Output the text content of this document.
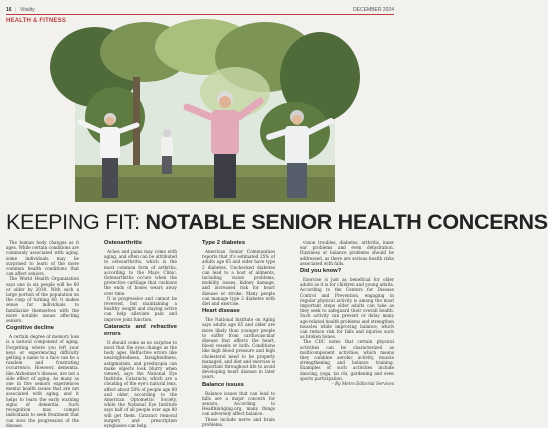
16 | Vitality	DECEMBER 2024
HEALTH & FITNESS
KEEPING FIT: NOTABLE SENIOR HEALTH CONCERNS

The human body changes as it ages. While certain conditions are commonly associated with aging, some individuals may be surprised to learn of the more common health conditions that can affect seniors.

The World Health Organization says one in six people will be 60 or older by 2030. With such a large portion of the population on the cusp of turning 60, it makes sense for individuals to familiarize themselves with the more notable issues affecting seniors.

Cognitive decline

A certain degree of memory loss is a natural component of aging. Forgetting where you left your keys or experiencing difficulty getting a name to a face can be a random and frustrating occurrence. However, dementia, like Alzheimer's disease, are not a side effect of aging. As many as one in five seniors experiences mental health issues that are not associated with aging, and it helps to learn the early warning signs of dementia. Such recognition may compel individuals to seek treatment that can slow the progression of the disease.

Osteoarthritis

Aches and pains may come with aging, and often can be attributed to osteoarthritis, which is the most common form of arthritis, according to the Mayo Clinic. Osteoarthritis occurs when the protective cartilage that cushions the ends of bones wears away over time.

It is progressive and cannot be reversed, but maintaining a healthy weight and staying active can help alleviate pain and improve joint function.

Cataracts and refractive errors

It should come as no surprise to most that the eyes change as the body ages. Refractive errors like nearsightedness, farsightedness, astigmatism, and presbyopia can make objects look blurry when viewed, says the National Eye Institute. Cataracts, which are a clouding of the eye's natural lens, affect about 50% of people age 80 and older, according to the American Optometric Society, while the National Eye Institute says half of all people over age 80 will get them. Cataract removal surgery and prescription eyeglasses can help.

Type 2 diabetes

American Senior Communities reports that it's estimated 25% of adults age 65 and older have type 2 diabetes. Unchecked diabetes can lead to a host of ailments, including vision problems, mobility issues, kidney damage, and increased risk for heart disease or stroke. Many people can manage type 2 diabetes with diet and exercise.

Heart disease

The National Institute on Aging says adults age 65 and older are more likely than younger people to suffer from cardiovascular disease that affects the heart, blood vessels or both. Conditions like high blood pressure and high cholesterol need to be properly managed, and diet and exercise is important throughout life to avoid developing heart disease in later years.

Balance issues

Balance issues that can lead to falls are a major concern for seniors. According to HealthinAging.org, many things can adversely affect balance.

These include nerve and brain problems,

vision troubles, diabetes, arthritis, inner ear problems and even dehydration. Dizziness or balance problems should be addressed, as there are serious health risks associated with falls.

Did you know?

Exercise is just as beneficial for older adults as it is for children and young adults. According to the Centers for Disease Control and Prevention, engaging in regular physical activity is among the most important steps older adults can take as they seek to safeguard their overall health. Such activity can prevent or delay many age-related health problems and strengthen muscles while improving balance, which can reduce risk for falls and injuries such as broken bones.

The CDC notes that certain physical activities can be characterized as multicomponent activities, which means they combine aerobic activity, muscle strengthening and balance training. Examples of such activities include dancing, yoga, tai chi, gardening and even sports participation.

– By Metro Editorial Services
